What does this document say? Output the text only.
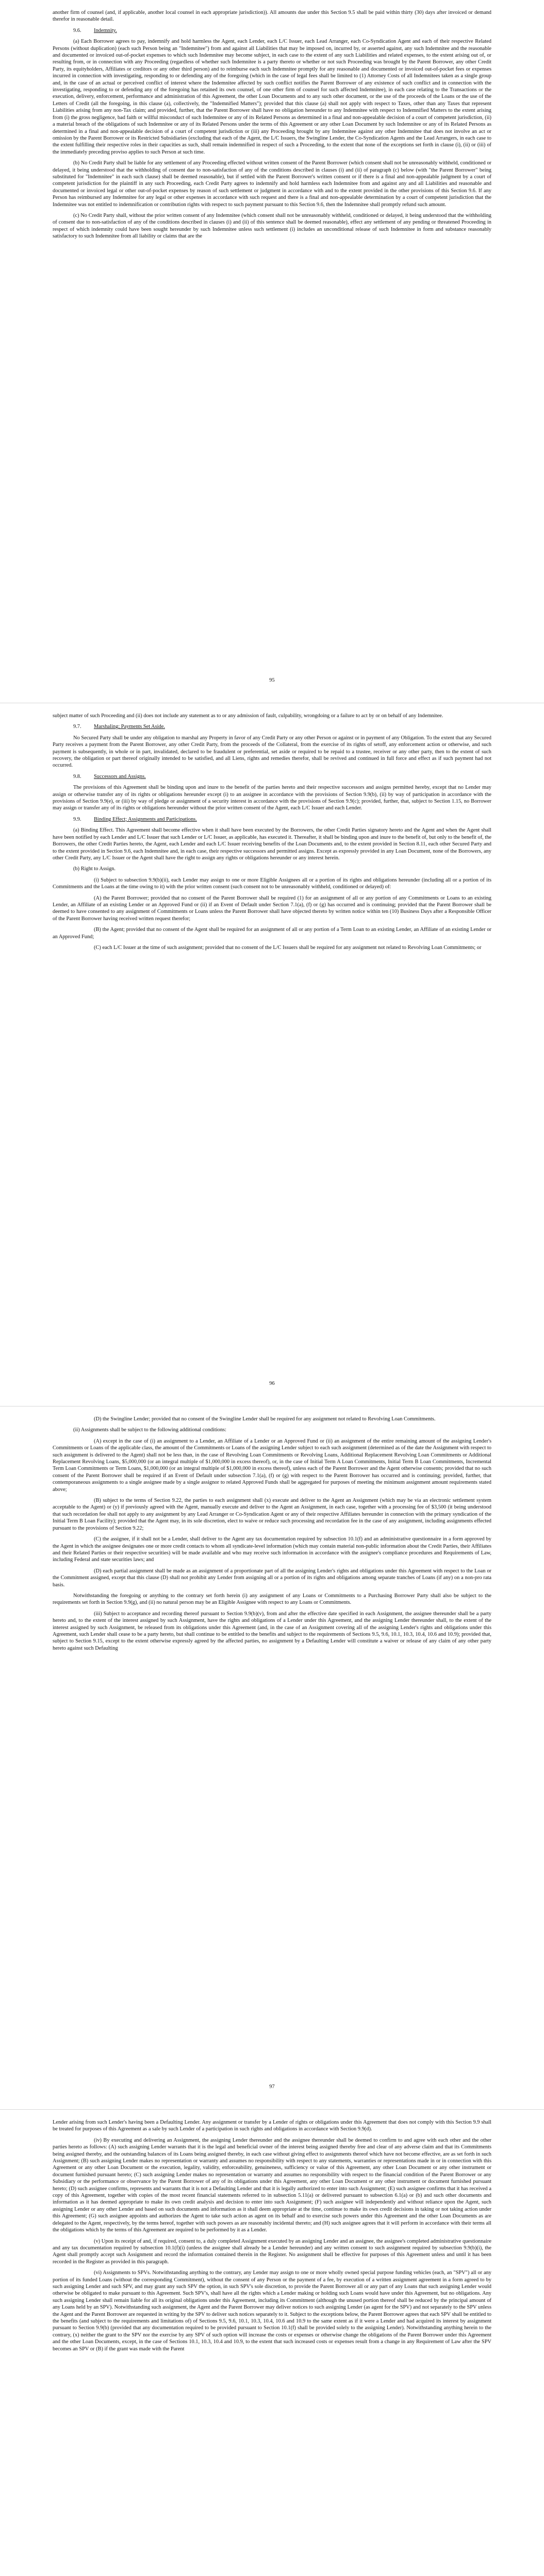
another firm of counsel (and, if applicable, another local counsel in each appropriate jurisdiction)). All amounts due under this Section 9.5 shall be paid within thirty (30) days after invoiced or demand therefor in reasonable detail.

9.6. Indemnity.

(a) Each Borrower agrees to pay, indemnify and hold harmless the Agent, each Lender, each L/C Issuer, each Lead Arranger, each Co-Syndication Agent and each of their respective Related Persons (without duplication) (each such Person being an "Indemnitee") from and against all Liabilities that may be imposed on, incurred by, or asserted against, any such Indemnitee and the reasonable and documented or invoiced out-of-pocket expenses to which such Indemnitee may become subject, in each case to the extent of any such Liabilities and related expenses, to the extent arising out of, or resulting from, or in connection with any Proceeding (regardless of whether such Indemnitee is a party thereto or whether or not such Proceeding was brought by the Parent Borrower, any other Credit Party, its equityholders, Affiliates or creditors or any other third person) and to reimburse each such Indemnitee promptly for any reasonable and documented or invoiced out-of-pocket fees or expenses incurred in connection with investigating, responding to or defending any of the foregoing (which in the case of legal fees shall be limited to (1) Attorney Costs of all Indemnitees taken as a single group and, in the case of an actual or perceived conflict of interest where the Indemnitee affected by such conflict notifies the Parent Borrower of any existence of such conflict and in connection with the investigating, responding to or defending any of the foregoing has retained its own counsel, of one other firm of counsel for such affected Indemnitee), in each case relating to the Transactions or the execution, delivery, enforcement, performance and administration of this Agreement, the other Loan Documents and to any such other document, or the use of the proceeds of the Loans or the use of the Letters of Credit (all the foregoing, in this clause (a), collectively, the "Indemnified Matters"); provided that this clause (a) shall not apply with respect to Taxes, other than any Taxes that represent Liabilities arising from any non-Tax claim; and provided, further, that the Parent Borrower shall have no obligation hereunder to any Indemnitee with respect to Indemnified Matters to the extent arising from (i) the gross negligence, bad faith or willful misconduct of such Indemnitee or any of its Related Persons as determined in a final and non-appealable decision of a court of competent jurisdiction, (ii) a material breach of the obligations of such Indemnitee or any of its Related Persons under the terms of this Agreement or any other Loan Document by such Indemnitee or any of its Related Persons as determined in a final and non-appealable decision of a court of competent jurisdiction or (iii) any Proceeding brought by any Indemnitee against any other Indemnitee that does not involve an act or omission by the Parent Borrower or its Restricted Subsidiaries (excluding that each of the Agent, the L/C Issuers, the Swingline Lender, the Co-Syndication Agents and the Lead Arrangers, in each case to the extent fulfilling their respective roles in their capacities as such, shall remain indemnified in respect of such a Proceeding, to the extent that none of the exceptions set forth in clause (i), (ii) or (iii) of the immediately preceding proviso applies to such Person at such time.

(b) No Credit Party shall be liable for any settlement of any Proceeding effected without written consent of the Parent Borrower (which consent shall not be unreasonably withheld, conditioned or delayed, it being understood that the withholding of consent due to non-satisfaction of any of the conditions described in clauses (i) and (ii) of paragraph (c) below (with "the Parent Borrower" being substituted for "Indemnitee" in each such clause) shall be deemed reasonable), but if settled with the Parent Borrower's written consent or if there is a final and non-appealable judgment by a court of competent jurisdiction for the plaintiff in any such Proceeding, each Credit Party agrees to indemnify and hold harmless each Indemnitee from and against any and all Liabilities and reasonable and documented or invoiced legal or other out-of-pocket expenses by reason of such settlement or judgment in accordance with and to the extent provided in the other provisions of this Section 9.6. If any Person has reimbursed any Indemnitee for any legal or other expenses in accordance with such request and there is a final and non-appealable determination by a court of competent jurisdiction that the Indemnitee was not entitled to indemnification or contribution rights with respect to such payment pursuant to this Section 9.6, then the Indemnitee shall promptly refund such amount.

(c) No Credit Party shall, without the prior written consent of any Indemnitee (which consent shall not be unreasonably withheld, conditioned or delayed, it being understood that the withholding of consent due to non-satisfaction of any of the conditions described in clauses (i) and (ii) of this sentence shall be deemed reasonable), effect any settlement of any pending or threatened Proceeding in respect of which indemnity could have been sought hereunder by such Indemnitee unless such settlement (i) includes an unconditional release of such Indemnitee in form and substance reasonably satisfactory to such Indemnitee from all liability or claims that are the

95

subject matter of such Proceeding and (ii) does not include any statement as to or any admission of fault, culpability, wrongdoing or a failure to act by or on behalf of any Indemnitee.

9.7. Marshaling; Payments Set Aside.

No Secured Party shall be under any obligation to marshal any Property in favor of any Credit Party or any other Person or against or in payment of any Obligation. To the extent that any Secured Party receives a payment from the Parent Borrower, any other Credit Party, from the proceeds of the Collateral, from the exercise of its rights of setoff, any enforcement action or otherwise, and such payment is subsequently, in whole or in part, invalidated, declared to be fraudulent or preferential, set aside or required to be repaid to a trustee, receiver or any other party, then to the extent of such recovery, the obligation or part thereof originally intended to be satisfied, and all Liens, rights and remedies therefor, shall be revived and continued in full force and effect as if such payment had not occurred.

9.8. Successors and Assigns.

The provisions of this Agreement shall be binding upon and inure to the benefit of the parties hereto and their respective successors and assigns permitted hereby, except that no Lender may assign or otherwise transfer any of its rights or obligations hereunder except (i) to an assignee in accordance with the provisions of Section 9.9(b), (ii) by way of participation in accordance with the provisions of Section 9.9(e), or (iii) by way of pledge or assignment of a security interest in accordance with the provisions of Section 9.9(c); provided, further, that, subject to Section 1.15, no Borrower may assign or transfer any of its rights or obligations hereunder without the prior written consent of the Agent, each L/C Issuer and each Lender.

9.9. Binding Effect; Assignments and Participations.

(a) Binding Effect. This Agreement shall become effective when it shall have been executed by the Borrowers, the other Credit Parties signatory hereto and the Agent and when the Agent shall have been notified by each Lender and L/C Issuer that such Lender or L/C Issuer, as applicable, has executed it. Thereafter, it shall be binding upon and inure to the benefit of, but only to the benefit of, the Borrowers, the other Credit Parties hereto, the Agent, each Lender and each L/C Issuer receiving benefits of the Loan Documents and, to the extent provided in Section 8.11, each other Secured Party and to the extent provided in Section 9.6, each Indemnitee and, in each case, their respective successors and permitted assigns. Except as expressly provided in any Loan Document, none of the Borrowers, any other Credit Party, any L/C Issuer or the Agent shall have the right to assign any rights or obligations hereunder or any interest herein.

(b) Right to Assign.

(i) Subject to subsection 9.9(b)(ii), each Lender may assign to one or more Eligible Assignees all or a portion of its rights and obligations hereunder (including all or a portion of its Commitments and the Loans at the time owing to it) with the prior written consent (such consent not to be unreasonably withheld, conditioned or delayed) of:

(A) the Parent Borrower; provided that no consent of the Parent Borrower shall be required (1) for an assignment of all or any portion of any Commitments or Loans to an existing Lender, an Affiliate of an existing Lender or an Approved Fund or (ii) if an Event of Default under Section 7.1(a), (f) or (g) has occurred and is continuing; provided that the Parent Borrower shall be deemed to have consented to any assignment of Commitments or Loans unless the Parent Borrower shall have objected thereto by written notice within ten (10) Business Days after a Responsible Officer of the Parent Borrower having received written request therefor;

(B) the Agent; provided that no consent of the Agent shall be required for an assignment of all or any portion of a Term Loan to an existing Lender, an Affiliate of an existing Lender or an Approved Fund;

(C) each L/C Issuer at the time of such assignment; provided that no consent of the L/C Issuers shall be required for any assignment not related to Revolving Loan Commitments; or

96

(D) the Swingline Lender; provided that no consent of the Swingline Lender shall be required for any assignment not related to Revolving Loan Commitments.

(ii) Assignments shall be subject to the following additional conditions:

(A) except in the case of (i) an assignment to a Lender, an Affiliate of a Lender or an Approved Fund or (ii) an assignment of the entire remaining amount of the assigning Lender's Commitments or Loans of the applicable class, the amount of the Commitments or Loans of the assigning Lender subject to each such assignment (determined as of the date the Assignment with respect to such assignment is delivered to the Agent) shall not be less than, in the case of Revolving Loan Commitments or Revolving Loans, Additional Replacement Revolving Loan Commitments or Additional Replacement Revolving Loans, $5,000,000 (or an integral multiple of $1,000,000 in excess thereof), or, in the case of Initial Term A Loan Commitments, Initial Term B Loan Commitments, Incremental Term Loan Commitments or Term Loans, $1,000,000 (or an integral multiple of $1,000,000 in excess thereof), unless each of the Parent Borrower and the Agent otherwise consents; provided that no such consent of the Parent Borrower shall be required if an Event of Default under subsection 7.1(a), (f) or (g) with respect to the Parent Borrower has occurred and is continuing; provided, further, that contemporaneous assignments to a single assignee made by a single assignor to related Approved Funds shall be aggregated for purposes of meeting the minimum assignment amount requirements stated above;

(B) subject to the terms of Section 9.22, the parties to each assignment shall (x) execute and deliver to the Agent an Assignment (which may be via an electronic settlement system acceptable to the Agent) or (y) if previously agreed with the Agent, manually execute and deliver to the Agent an Assignment, in each case, together with a processing fee of $3,500 (it being understood that such recordation fee shall not apply to any assignment by any Lead Arranger or Co-Syndication Agent or any of their respective Affiliates hereunder in connection with the primary syndication of the Initial Term B Loan Facility); provided that the Agent may, in its sole discretion, elect to waive or reduce such processing and recordation fee in the case of any assignment, including assignments effected pursuant to the provisions of Section 9.22;

(C) the assignee, if it shall not be a Lender, shall deliver to the Agent any tax documentation required by subsection 10.1(f) and an administrative questionnaire in a form approved by the Agent in which the assignee designates one or more credit contacts to whom all syndicate-level information (which may contain material non-public information about the Credit Parties, their Affiliates and their Related Parties or their respective securities) will be made available and who may receive such information in accordance with the assignee's compliance procedures and Requirements of Law, including Federal and state securities laws; and

(D) each partial assignment shall be made as an assignment of a proportionate part of all the assigning Lender's rights and obligations under this Agreement with respect to the Loan or the Commitment assigned, except that this clause (D) shall not prohibit any Lender from assigning all or a portion of its rights and obligations among separate tranches of Loans (if any) on a non-pro rata basis.

Notwithstanding the foregoing or anything to the contrary set forth herein (i) any assignment of any Loans or Commitments to a Purchasing Borrower Party shall also be subject to the requirements set forth in Section 9.9(g), and (ii) no natural person may be an Eligible Assignee with respect to any Loans or Commitments.

(iii) Subject to acceptance and recording thereof pursuant to Section 9.9(b)(v), from and after the effective date specified in each Assignment, the assignee thereunder shall be a party hereto and, to the extent of the interest assigned by such Assignment, have the rights and obligations of a Lender under this Agreement, and the assigning Lender thereunder shall, to the extent of the interest assigned by such Assignment, be released from its obligations under this Agreement (and, in the case of an Assignment covering all of the assigning Lender's rights and obligations under this Agreement, such Lender shall cease to be a party hereto, but shall continue to be entitled to the benefits and subject to the requirements of Sections 9.5, 9.6, 10.1, 10.3, 10.4, 10.6 and 10.9); provided that, subject to Section 9.15, except to the extent otherwise expressly agreed by the affected parties, no assignment by a Defaulting Lender will constitute a waiver or release of any claim of any other party hereto against such Defaulting

97

Lender arising from such Lender's having been a Defaulting Lender. Any assignment or transfer by a Lender of rights or obligations under this Agreement that does not comply with this Section 9.9 shall be treated for purposes of this Agreement as a sale by such Lender of a participation in such rights and obligations in accordance with Section 9.9(d).

(iv) By executing and delivering an Assignment, the assigning Lender thereunder and the assignee thereunder shall be deemed to confirm to and agree with each other and the other parties hereto as follows: (A) such assigning Lender warrants that it is the legal and beneficial owner of the interest being assigned thereby free and clear of any adverse claim and that its Commitments being assigned thereby, and the outstanding balances of its Loans being assigned thereby, in each case without giving effect to assignments thereof which have not become effective, are as set forth in such Assignment; (B) such assigning Lender makes no representation or warranty and assumes no responsibility with respect to any statements, warranties or representations made in or in connection with this Agreement or any other Loan Document or the execution, legality, validity, enforceability, genuineness, sufficiency or value of this Agreement, any other Loan Document or any other instrument or document furnished pursuant hereto; (C) such assigning Lender makes no representation or warranty and assumes no responsibility with respect to the financial condition of the Parent Borrower or any Subsidiary or the performance or observance by the Parent Borrower of any of its obligations under this Agreement, any other Loan Document or any other instrument or document furnished pursuant hereto; (D) such assignee confirms, represents and warrants that it is not a Defaulting Lender and that it is legally authorized to enter into such Assignment; (E) such assignee confirms that it has received a copy of this Agreement, together with copies of the most recent financial statements referred to in subsection 5.11(a) or delivered pursuant to subsection 6.1(a) or (b) and such other documents and information as it has deemed appropriate to make its own credit analysis and decision to enter into such Assignment; (F) such assignee will independently and without reliance upon the Agent, such assigning Lender or any other Lender and based on such documents and information as it shall deem appropriate at the time, continue to make its own credit decisions in taking or not taking action under this Agreement; (G) such assignee appoints and authorizes the Agent to take such action as agent on its behalf and to exercise such powers under this Agreement and the other Loan Documents as are delegated to the Agent, respectively, by the terms hereof, together with such powers as are reasonably incidental thereto; and (H) such assignee agrees that it will perform in accordance with their terms all the obligations which by the terms of this Agreement are required to be performed by it as a Lender.

(v) Upon its receipt of and, if required, consent to, a duly completed Assignment executed by an assigning Lender and an assignee, the assignee's completed administrative questionnaire and any tax documentation required by subsection 10.1(f)(i) (unless the assignee shall already be a Lender hereunder) and any written consent to such assignment required by subsection 9.9(b)(i), the Agent shall promptly accept such Assignment and record the information contained therein in the Register. No assignment shall be effective for purposes of this Agreement unless and until it has been recorded in the Register as provided in this paragraph.

(vi) Assignments to SPVs. Notwithstanding anything to the contrary, any Lender may assign to one or more wholly owned special purpose funding vehicles (each, an "SPV") all or any portion of its funded Loans (without the corresponding Commitment), without the consent of any Person or the payment of a fee, by execution of a written assignment agreement in a form agreed to by such assigning Lender and such SPV, and may grant any such SPV the option, in such SPV's sole discretion, to provide the Parent Borrower all or any part of any Loans that such assigning Lender would otherwise be obligated to make pursuant to this Agreement. Such SPV's, shall have all the rights which a Lender making or holding such Loans would have under this Agreement, but no obligations. Any such assigning Lender shall remain liable for all its original obligations under this Agreement, including its Commitment (although the unused portion thereof shall be reduced by the principal amount of any Loans held by an SPV). Notwithstanding such assignment, the Agent and the Parent Borrower may deliver notices to such assigning Lender (as agent for the SPV) and not separately to the SPV unless the Agent and the Parent Borrower are requested in writing by the SPV to deliver such notices separately to it. Subject to the exceptions below, the Parent Borrower agrees that each SPV shall be entitled to the benefits (and subject to the requirements and limitations of) of Sections 9.5, 9.6, 10.1, 10.3, 10.4, 10.6 and 10.9 to the same extent as if it were a Lender and had acquired its interest by assignment pursuant to Section 9.9(b) (provided that any documentation required to be provided pursuant to Section 10.1(f) shall be provided solely to the assigning Lender). Notwithstanding anything herein to the contrary, (x) neither the grant to the SPV nor the exercise by any SPV of such option will increase the costs or expenses or otherwise change the obligations of the Parent Borrower under this Agreement and the other Loan Documents, except, in the case of Sections 10.1, 10.3, 10.4 and 10.9, to the extent that such increased costs or expenses result from a change in any Requirement of Law after the SPV becomes an SPV or (B) if the grant was made with the Parent
